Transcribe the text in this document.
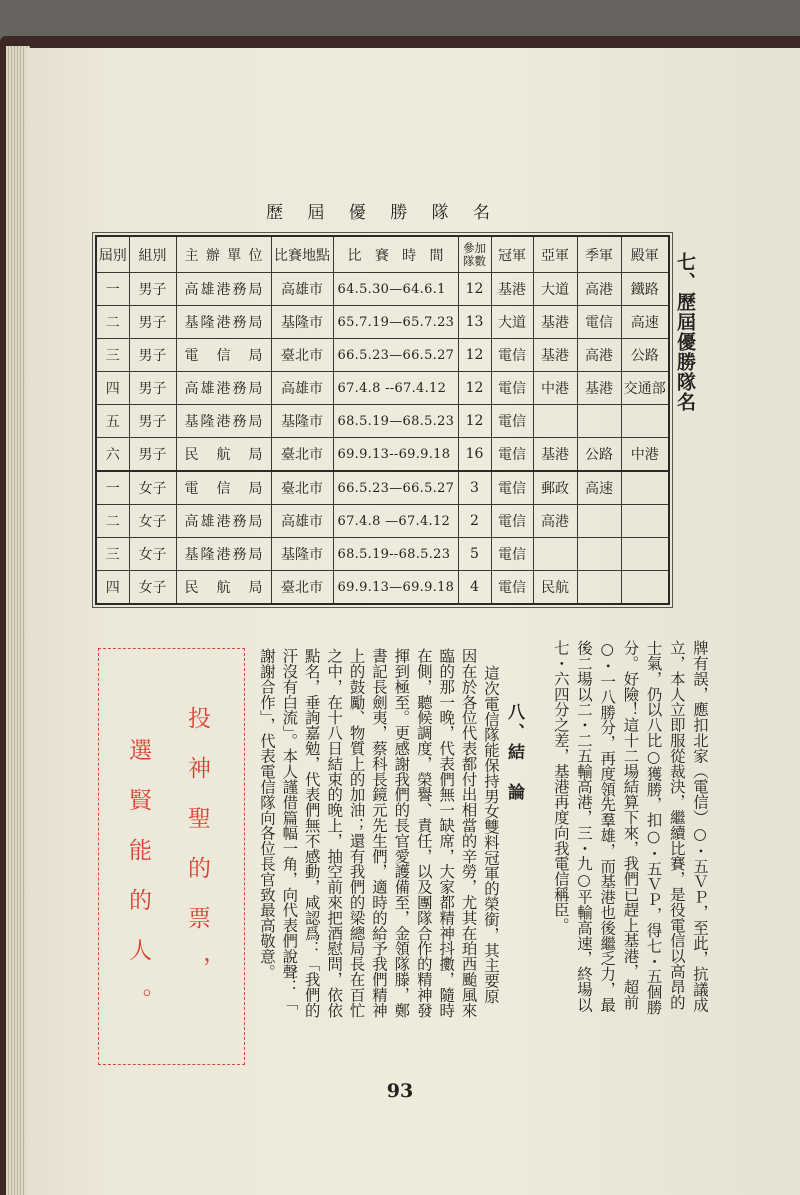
歷屆優勝隊名
屆別	組別	主辦單位	比賽地點	比賽時間	參加隊數	冠軍	亞軍	季軍	殿軍
一	男子	高雄港務局	高雄市	64.5.30—64.6.1	12	基港	大道	高港	鐵路
二	男子	基隆港務局	基隆市	65.7.19—65.7.23	13	大道	基港	電信	高速
三	男子	電信局	臺北市	66.5.23—66.5.27	12	電信	基港	高港	公路
四	男子	高雄港務局	高雄市	67.4.8 --67.4.12	12	電信	中港	基港	交通部
五	男子	基隆港務局	基隆市	68.5.19—68.5.23	12	電信			
六	男子	民航局	臺北市	69.9.13--69.9.18	16	電信	基港	公路	中港
一	女子	電信局	臺北市	66.5.23—66.5.27	3	電信	郵政	高速	
二	女子	高雄港務局	高雄市	67.4.8 —67.4.12	2	電信	高港		
三	女子	基隆港務局	基隆市	68.5.19--68.5.23	5	電信			
四	女子	民航局	臺北市	69.9.13—69.9.18	4	電信	民航		
七、歷屆優勝隊名
牌有誤，應扣北家（電信）○・五ＶＰ，至此，抗議成
立，本人立即服從裁決，繼續比賽，是役電信以高昂的
士氣，仍以八比○獲勝，扣○・五ＶＰ，得七・五個勝
分。好險！這十二場結算下來，我們已趕上基港，超前
○・一八勝分，再度領先羣雄，而基港也後繼乏力，最
後二場以二・二五輸高港，三・九○平輸高速，終場以
七・六四分之差，基港再度向我電信稱臣。
八、結　論
這次電信隊能保持男女雙料冠軍的榮銜，其主要原
因在於各位代表都付出相當的辛勞，尤其在珀西颱風來
臨的那一晚，代表們無一缺席，大家都精神抖擻，隨時
在側，聽候調度，榮譽、責任，以及團隊合作的精神發
揮到極至。更感謝我們的長官愛護備至，金領隊滕，鄭
書記長劍夷，蔡科長鏡元先生們，適時的給予我們精神
上的鼓勵、物質上的加油；還有我們的梁總局長在百忙
之中，在十八日結束的晚上，抽空前來把酒慰問，依依
點名，垂詢嘉勉，代表們無不感動，咸認爲：「我們的
汗沒有白流」。本人謹借篇幅一角，向代表們說聲：「
謝謝合作」，代表電信隊向各位長官致最高敬意。
投神聖的票，
選賢能的人。
93
